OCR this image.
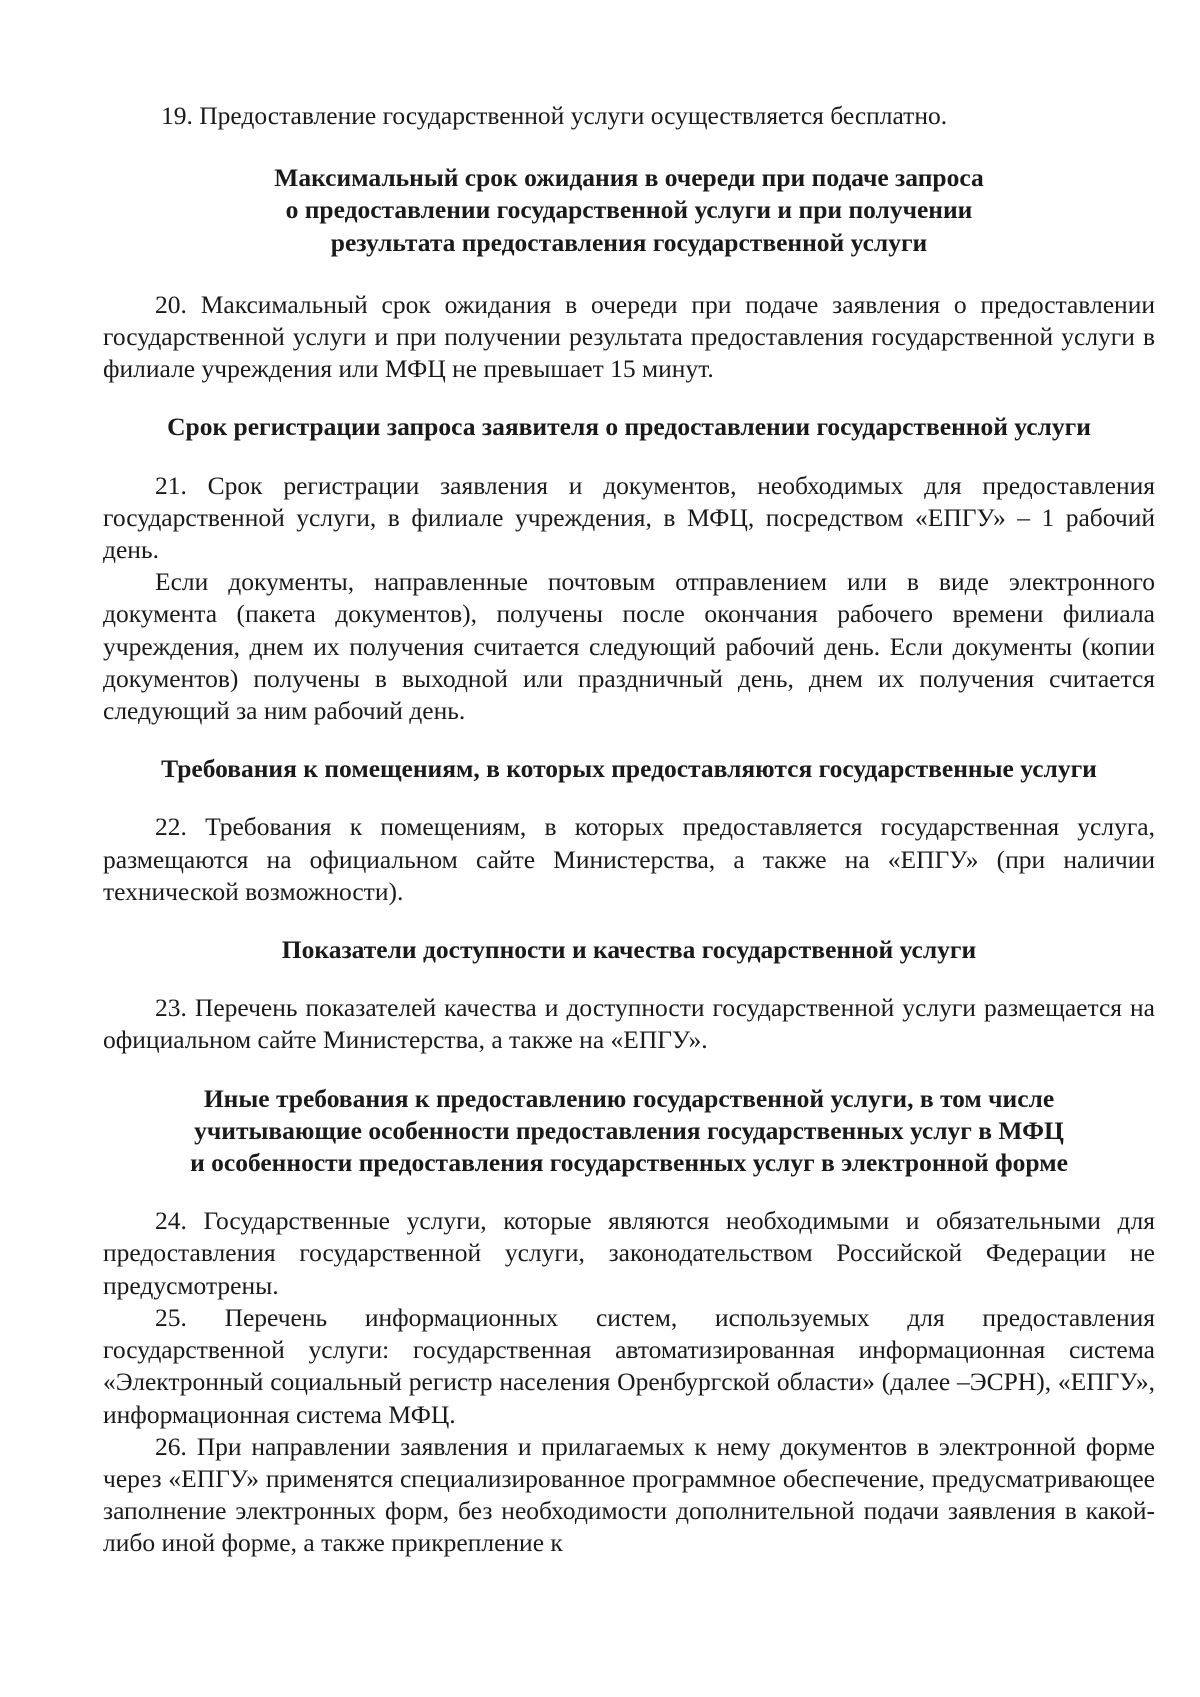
19. Предоставление государственной услуги осуществляется бесплатно.

Максимальный срок ожидания в очереди при подаче запроса
о предоставлении государственной услуги и при получении
результата предоставления государственной услуги

20. Максимальный срок ожидания в очереди при подаче заявления о предоставлении государственной услуги и при получении результата предоставления государственной услуги в филиале учреждения или МФЦ не превышает 15 минут.

Срок регистрации запроса заявителя о предоставлении государственной услуги

21. Срок регистрации заявления и документов, необходимых для предоставления государственной услуги, в филиале учреждения, в МФЦ, посредством «ЕПГУ» – 1 рабочий день.

Если документы, направленные почтовым отправлением или в виде электронного документа (пакета документов), получены после окончания рабочего времени филиала учреждения, днем их получения считается следующий рабочий день. Если документы (копии документов) получены в выходной или праздничный день, днем их получения считается следующий за ним рабочий день.

Требования к помещениям, в которых предоставляются государственные услуги

22. Требования к помещениям, в которых предоставляется государственная услуга, размещаются на официальном сайте Министерства, а также на «ЕПГУ» (при наличии технической возможности).

Показатели доступности и качества государственной услуги

23. Перечень показателей качества и доступности государственной услуги размещается на официальном сайте Министерства, а также на «ЕПГУ».

Иные требования к предоставлению государственной услуги, в том числе
учитывающие особенности предоставления государственных услуг в МФЦ
и особенности предоставления государственных услуг в электронной форме

24. Государственные услуги, которые являются необходимыми и обязательными для предоставления государственной услуги, законодательством Российской Федерации не предусмотрены.

25. Перечень информационных систем, используемых для предоставления государственной услуги: государственная автоматизированная информационная система «Электронный социальный регистр населения Оренбургской области» (далее –ЭСРН), «ЕПГУ», информационная система МФЦ.

26. При направлении заявления и прилагаемых к нему документов в электронной форме через «ЕПГУ» применятся специализированное программное обеспечение, предусматривающее заполнение электронных форм, без необходимости дополнительной подачи заявления в какой-либо иной форме, а также прикрепление к
